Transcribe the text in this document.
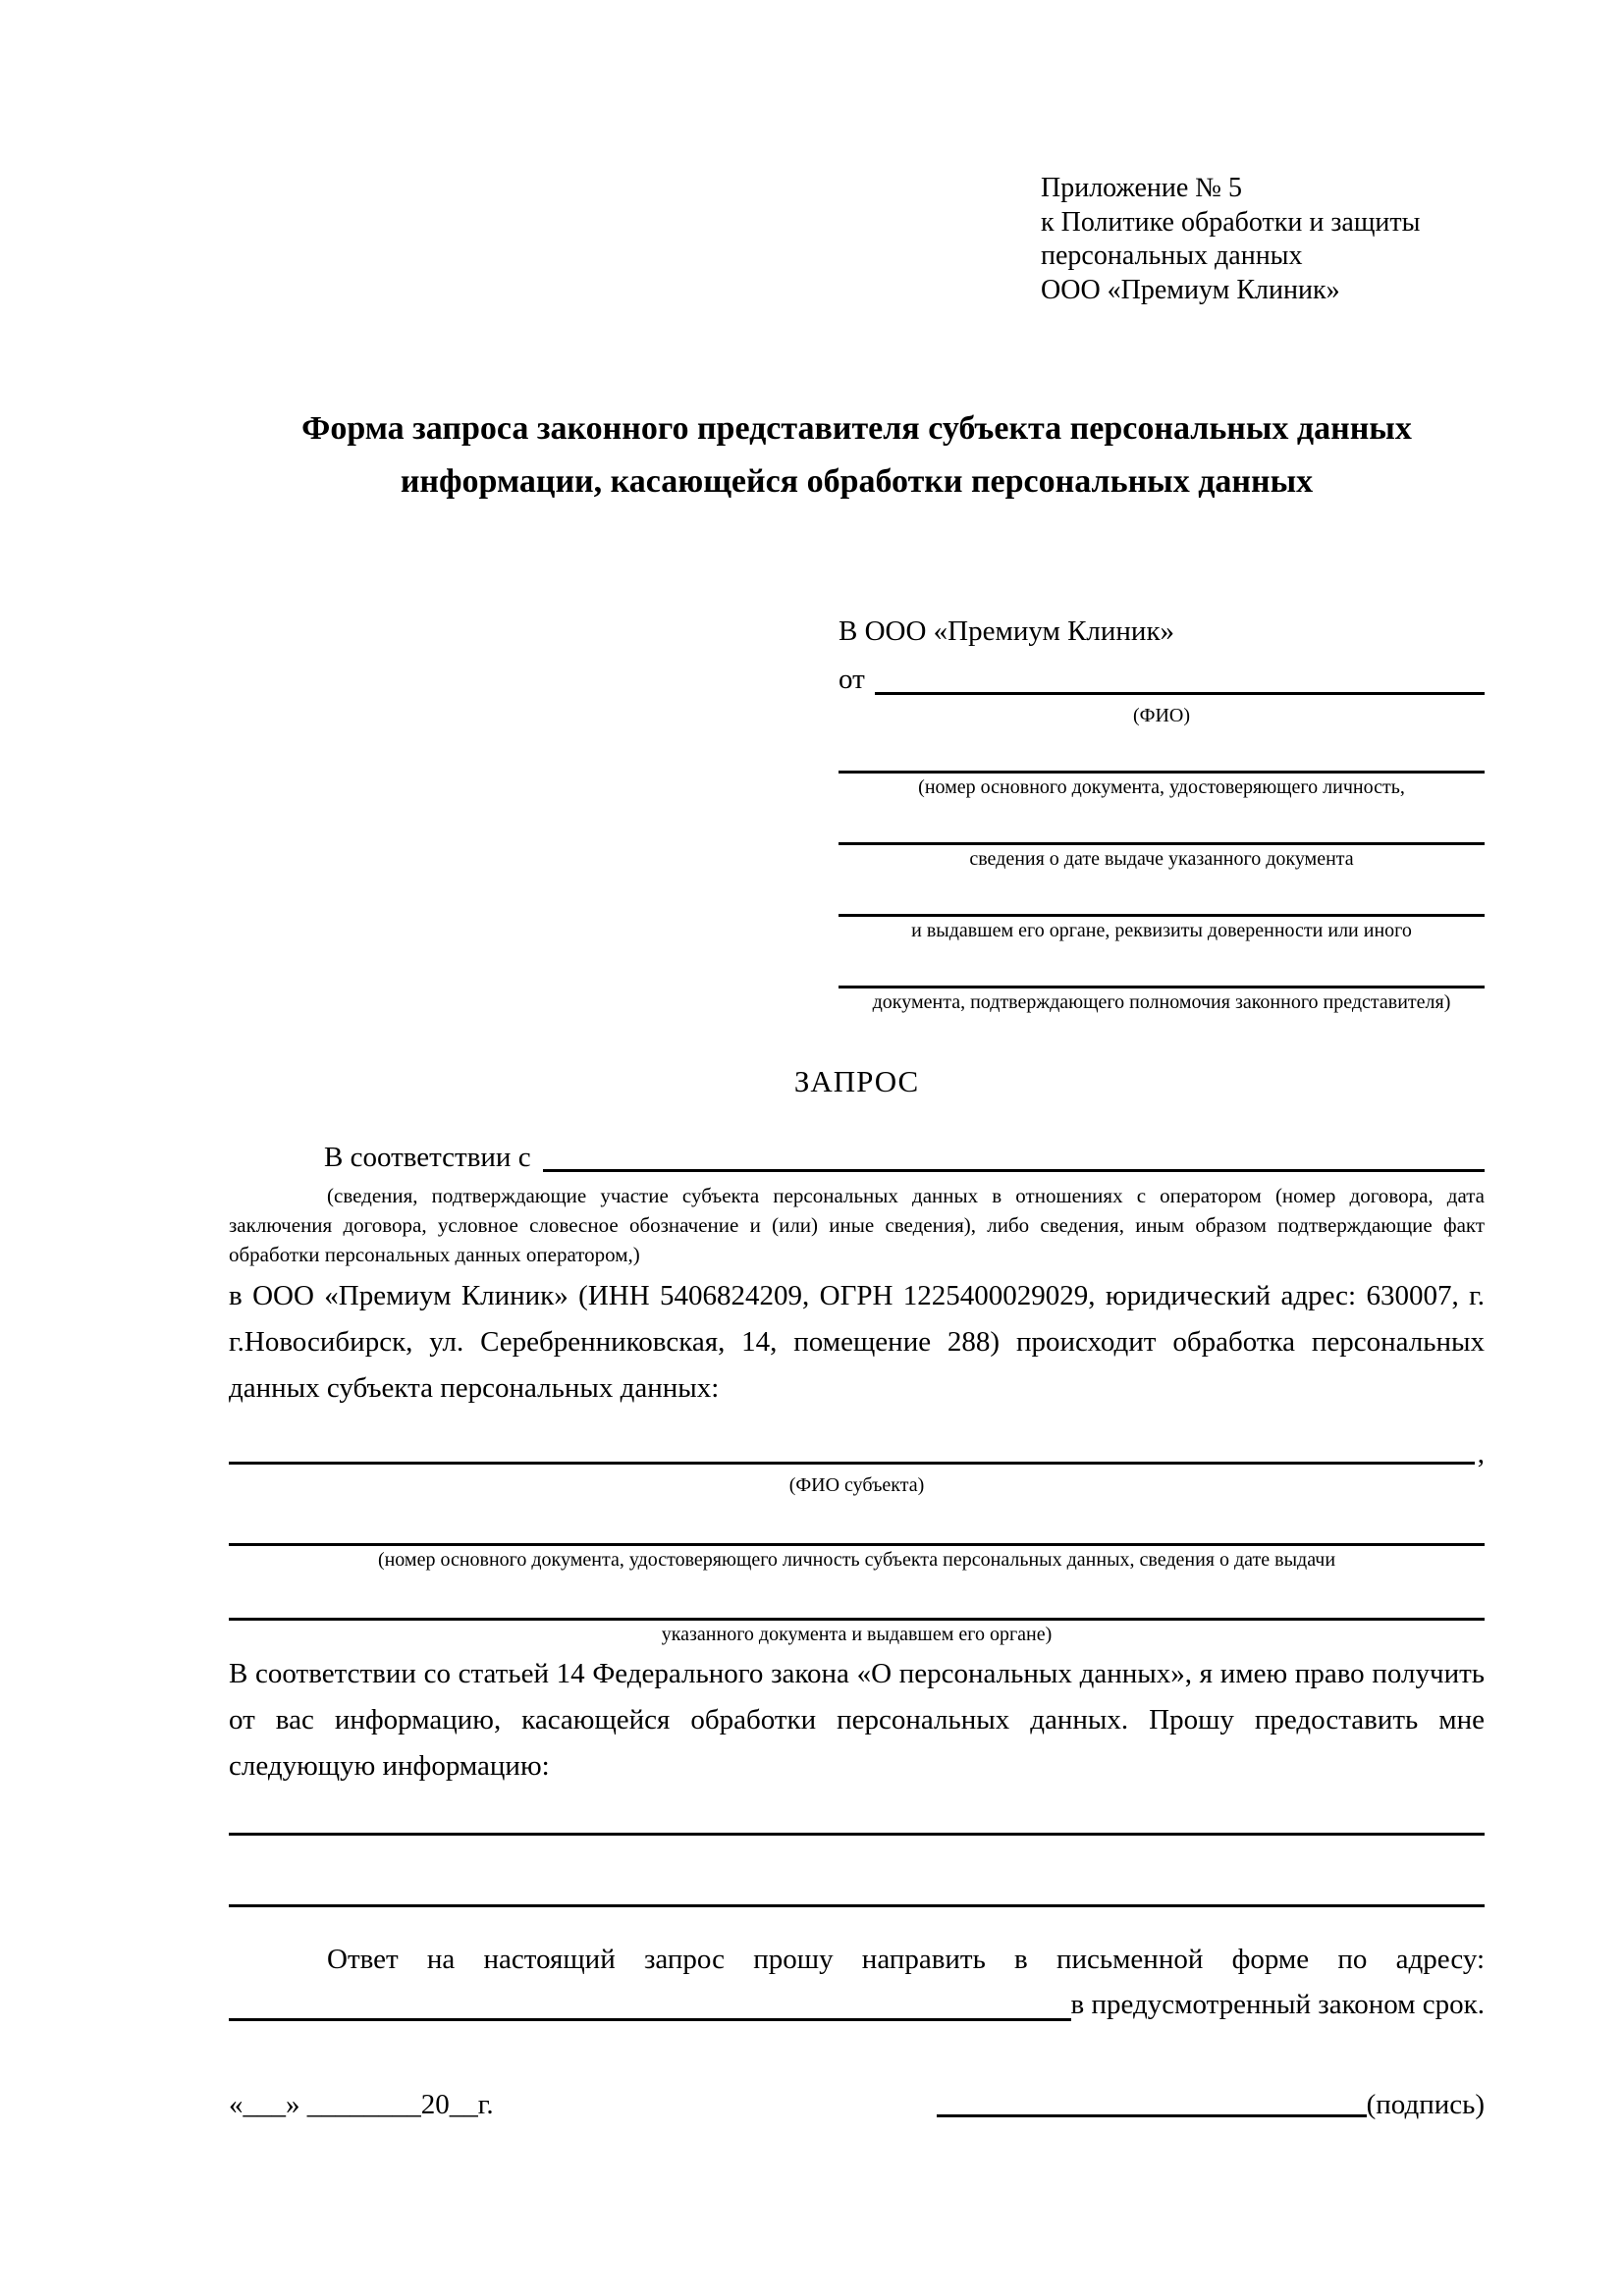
Приложение № 5
к Политике обработки и защиты
персональных данных
ООО «Премиум Клиник»
Форма запроса законного представителя субъекта персональных данных
информации, касающейся обработки персональных данных
В ООО «Премиум Клиник»
от
(ФИО)
(номер основного документа, удостоверяющего личность,
сведения о дате выдаче указанного документа
и выдавшем его органе, реквизиты доверенности или иного
документа, подтверждающего полномочия законного представителя)
ЗАПРОС
В соответствии с

(сведения, подтверждающие участие субъекта персональных данных в отношениях с оператором (номер договора, дата заключения договора, условное словесное обозначение и (или) иные сведения), либо сведения, иным образом подтверждающие факт обработки персональных данных оператором,)

в ООО «Премиум Клиник» (ИНН 5406824209, ОГРН 1225400029029, юридический адрес: 630007, г. г.Новосибирск, ул. Серебренниковская, 14, помещение 288) происходит обработка персональных данных субъекта персональных данных:

,
(ФИО субъекта)
(номер основного документа, удостоверяющего личность субъекта персональных данных, сведения о дате выдачи
указанного документа и выдавшем его органе)

В соответствии со статьей 14 Федерального закона «О персональных данных», я имею право получить от вас информацию, касающейся обработки персональных данных. Прошу предоставить мне следующую информацию:

Ответ на настоящий запрос прошу направить в письменной форме по адресу:
в предусмотренный законом срок.
«___» ________20__г.	(подпись)
